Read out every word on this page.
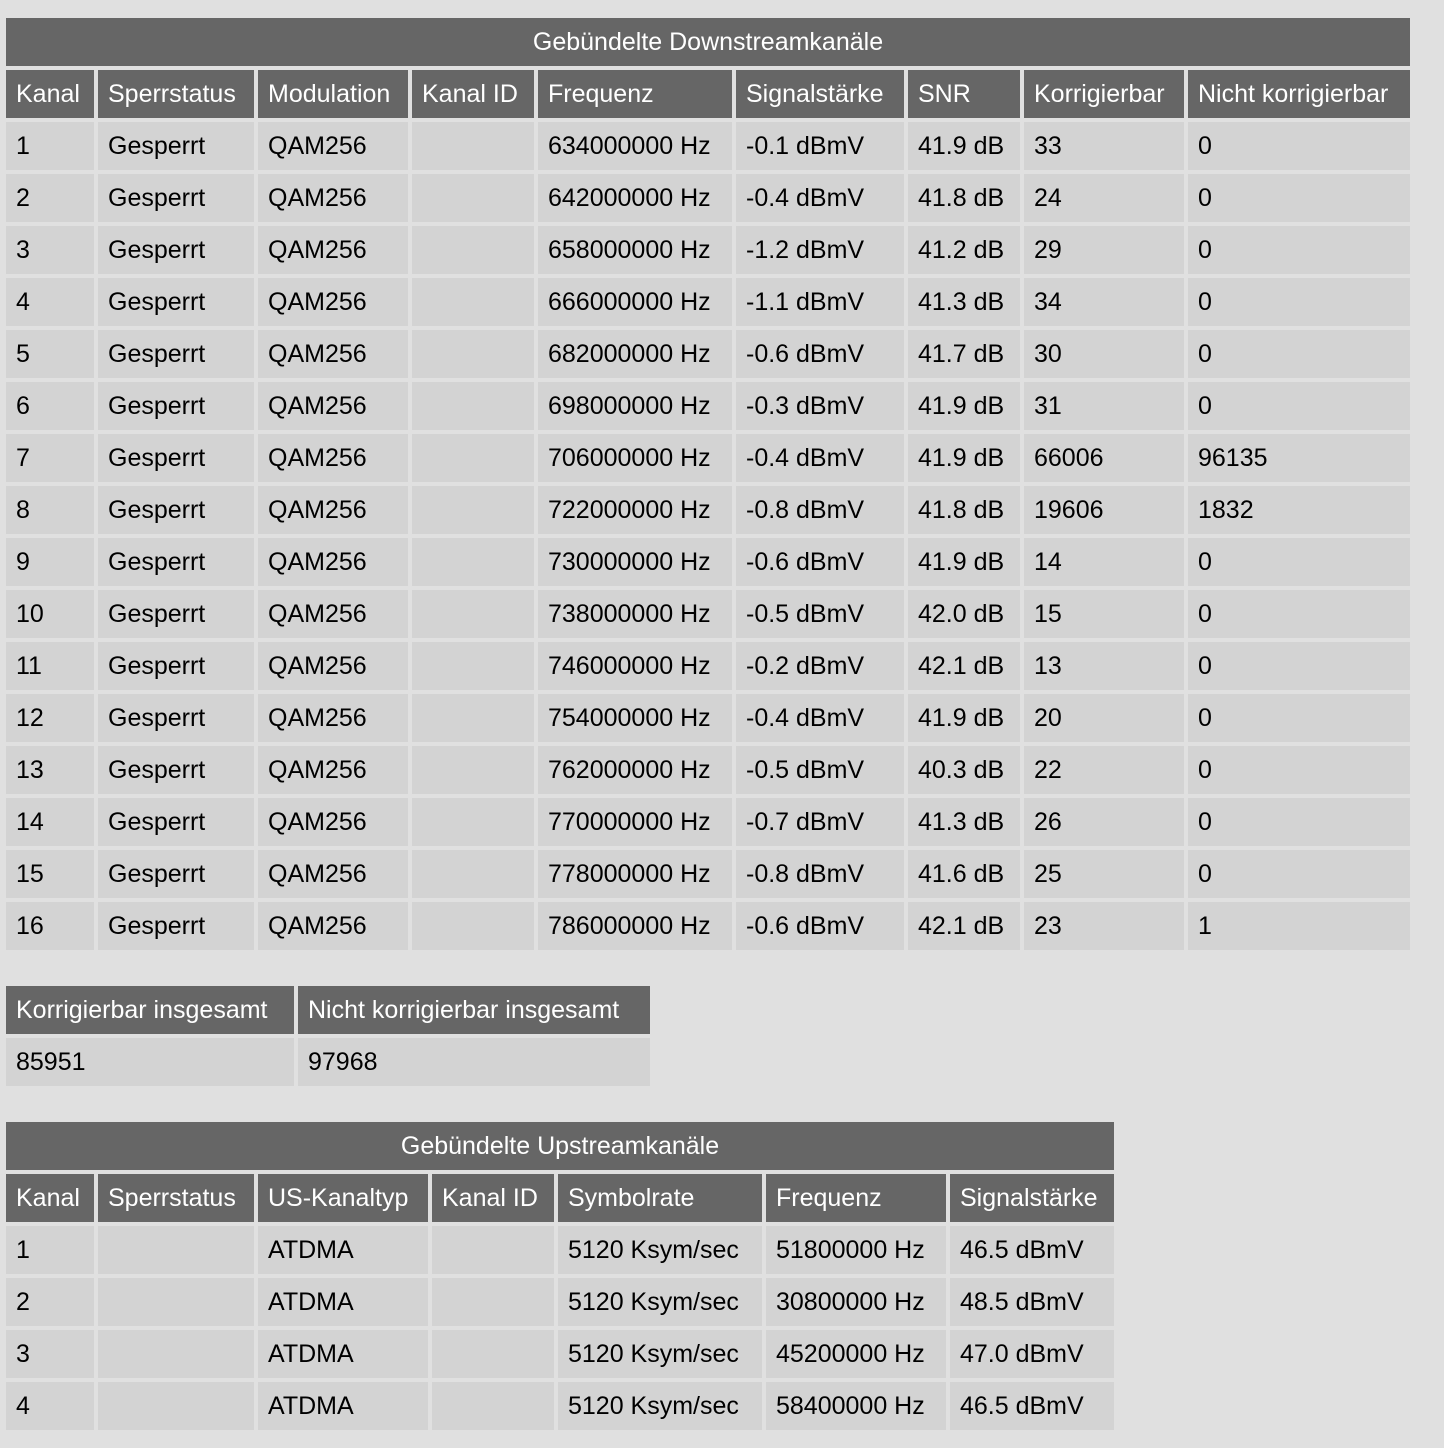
Gebündelte Downstreamkanäle								
Kanal	Sperrstatus	Modulation	Kanal ID	Frequenz	Signalstärke	SNR	Korrigierbar	Nicht korrigierbar
1	Gesperrt	QAM256		634000000 Hz	-0.1 dBmV	41.9 dB	33	0
2	Gesperrt	QAM256		642000000 Hz	-0.4 dBmV	41.8 dB	24	0
3	Gesperrt	QAM256		658000000 Hz	-1.2 dBmV	41.2 dB	29	0
4	Gesperrt	QAM256		666000000 Hz	-1.1 dBmV	41.3 dB	34	0
5	Gesperrt	QAM256		682000000 Hz	-0.6 dBmV	41.7 dB	30	0
6	Gesperrt	QAM256		698000000 Hz	-0.3 dBmV	41.9 dB	31	0
7	Gesperrt	QAM256		706000000 Hz	-0.4 dBmV	41.9 dB	66006	96135
8	Gesperrt	QAM256		722000000 Hz	-0.8 dBmV	41.8 dB	19606	1832
9	Gesperrt	QAM256		730000000 Hz	-0.6 dBmV	41.9 dB	14	0
10	Gesperrt	QAM256		738000000 Hz	-0.5 dBmV	42.0 dB	15	0
11	Gesperrt	QAM256		746000000 Hz	-0.2 dBmV	42.1 dB	13	0
12	Gesperrt	QAM256		754000000 Hz	-0.4 dBmV	41.9 dB	20	0
13	Gesperrt	QAM256		762000000 Hz	-0.5 dBmV	40.3 dB	22	0
14	Gesperrt	QAM256		770000000 Hz	-0.7 dBmV	41.3 dB	26	0
15	Gesperrt	QAM256		778000000 Hz	-0.8 dBmV	41.6 dB	25	0
16	Gesperrt	QAM256		786000000 Hz	-0.6 dBmV	42.1 dB	23	1
Korrigierbar insgesamt	Nicht korrigierbar insgesamt
85951	97968
Gebündelte Upstreamkanäle						
Kanal	Sperrstatus	US-Kanaltyp	Kanal ID	Symbolrate	Frequenz	Signalstärke
1		ATDMA		5120 Ksym/sec	51800000 Hz	46.5 dBmV
2		ATDMA		5120 Ksym/sec	30800000 Hz	48.5 dBmV
3		ATDMA		5120 Ksym/sec	45200000 Hz	47.0 dBmV
4		ATDMA		5120 Ksym/sec	58400000 Hz	46.5 dBmV
